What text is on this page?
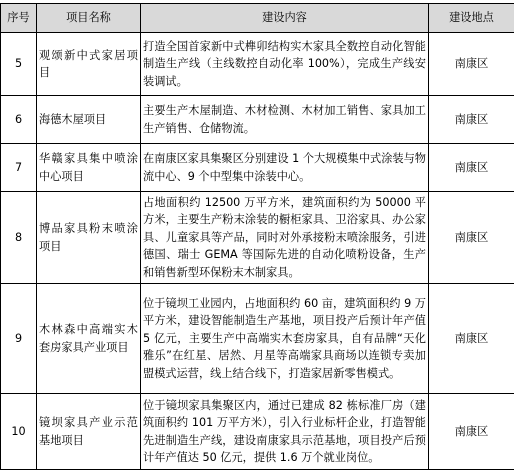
序号	项目名称	建设内容	建设地点
5	观颂新中式家居项目	打造全国首家新中式榫卯结构实木家具全数控自动化智能制造生产线（主线数控自动化率 100%），完成生产线安装调试。	南康区
6	海德木屋项目	主要生产木屋制造、木材检测、木材加工销售、家具加工生产销售、仓储物流。	南康区
7	华赣家具集中喷涂中心项目	在南康区家具集聚区分别建设 1 个大规模集中式涂装与物流中心、9 个中型集中涂装中心。	南康区
8	博品家具粉末喷涂项目	占地面积约 12500 万平方米，建筑面积约为 50000 平方米，主要生产粉末涂装的橱柜家具、卫浴家具、办公家具、儿童家具等产品，同时对外承接粉末喷涂服务，引进德国、瑞士 GEMA 等国际先进的自动化喷粉设备，生产和销售新型环保粉末木制家具。	南康区
9	木林森中高端实木套房家具产业项目	位于镜坝工业园内，占地面积约 60 亩，建筑面积约 9 万平方米，建设智能制造生产基地，项目投产后预计年产值 5 亿元，主要生产中高端实木套房家具，自有品牌“天化雅乐”在红星、居然、月星等高端家具商场以连锁专卖加盟模式运营，线上结合线下，打造家居新零售模式。	南康区
10	镜坝家具产业示范基地项目	位于镜坝家具集聚区内，通过已建成 82 栋标准厂房（建筑面积约 101 万平方米），引入行业标杆企业，打造智能先进制造生产线，建设南康家具示范基地，项目投产后预计年产值达 50 亿元，提供 1.6 万个就业岗位。	南康区
